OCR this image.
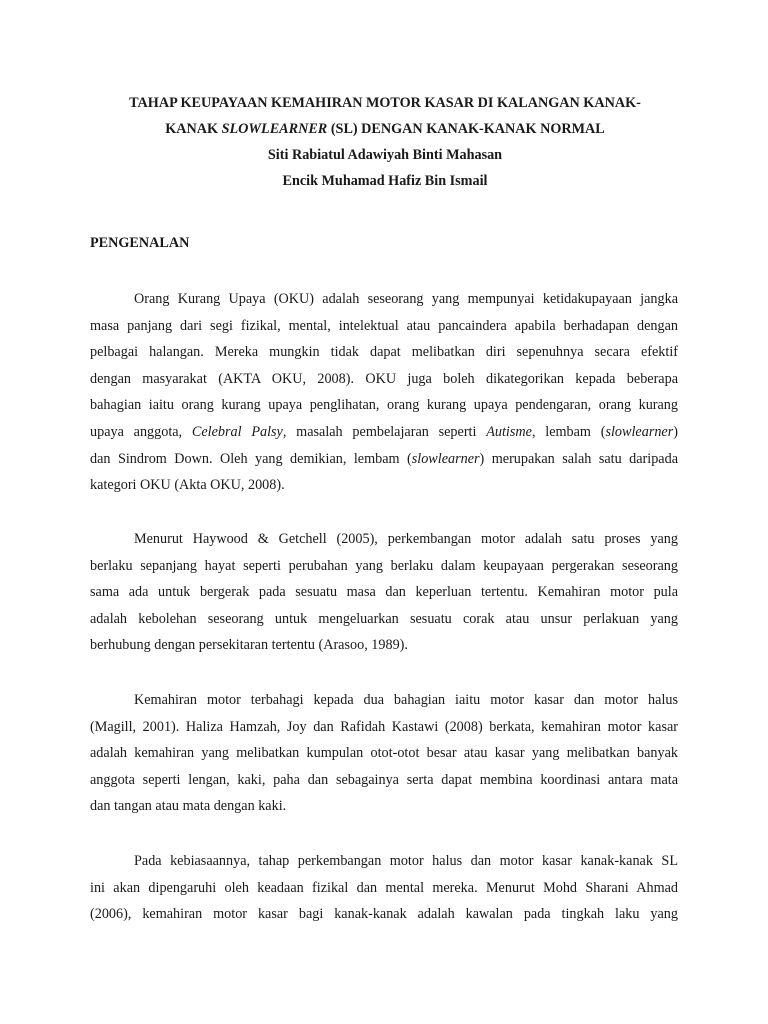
TAHAP KEUPAYAAN KEMAHIRAN MOTOR KASAR DI KALANGAN KANAK-
KANAK SLOWLEARNER (SL) DENGAN KANAK-KANAK NORMAL
Siti Rabiatul Adawiyah Binti Mahasan
Encik Muhamad Hafiz Bin Ismail
PENGENALAN
Orang Kurang Upaya (OKU) adalah seseorang yang mempunyai ketidakupayaan jangka
masa panjang dari segi fizikal, mental, intelektual atau pancaindera apabila berhadapan dengan
pelbagai halangan. Mereka mungkin tidak dapat melibatkan diri sepenuhnya secara efektif
dengan masyarakat (AKTA OKU, 2008). OKU juga boleh dikategorikan kepada beberapa
bahagian iaitu orang kurang upaya penglihatan, orang kurang upaya pendengaran, orang kurang
upaya anggota, Celebral Palsy, masalah pembelajaran seperti Autisme, lembam (slowlearner)
dan Sindrom Down. Oleh yang demikian, lembam (slowlearner) merupakan salah satu daripada
kategori OKU (Akta OKU, 2008).
Menurut Haywood & Getchell (2005), perkembangan motor adalah satu proses yang
berlaku sepanjang hayat seperti perubahan yang berlaku dalam keupayaan pergerakan seseorang
sama ada untuk bergerak pada sesuatu masa dan keperluan tertentu. Kemahiran motor pula
adalah kebolehan seseorang untuk mengeluarkan sesuatu corak atau unsur perlakuan yang
berhubung dengan persekitaran tertentu (Arasoo, 1989).
Kemahiran motor terbahagi kepada dua bahagian iaitu motor kasar dan motor halus
(Magill, 2001). Haliza Hamzah, Joy dan Rafidah Kastawi (2008) berkata, kemahiran motor kasar
adalah kemahiran yang melibatkan kumpulan otot-otot besar atau kasar yang melibatkan banyak
anggota seperti lengan, kaki, paha dan sebagainya serta dapat membina koordinasi antara mata
dan tangan atau mata dengan kaki.
Pada kebiasaannya, tahap perkembangan motor halus dan motor kasar kanak-kanak SL
ini akan dipengaruhi oleh keadaan fizikal dan mental mereka. Menurut Mohd Sharani Ahmad
(2006), kemahiran motor kasar bagi kanak-kanak adalah kawalan pada tingkah laku yang
